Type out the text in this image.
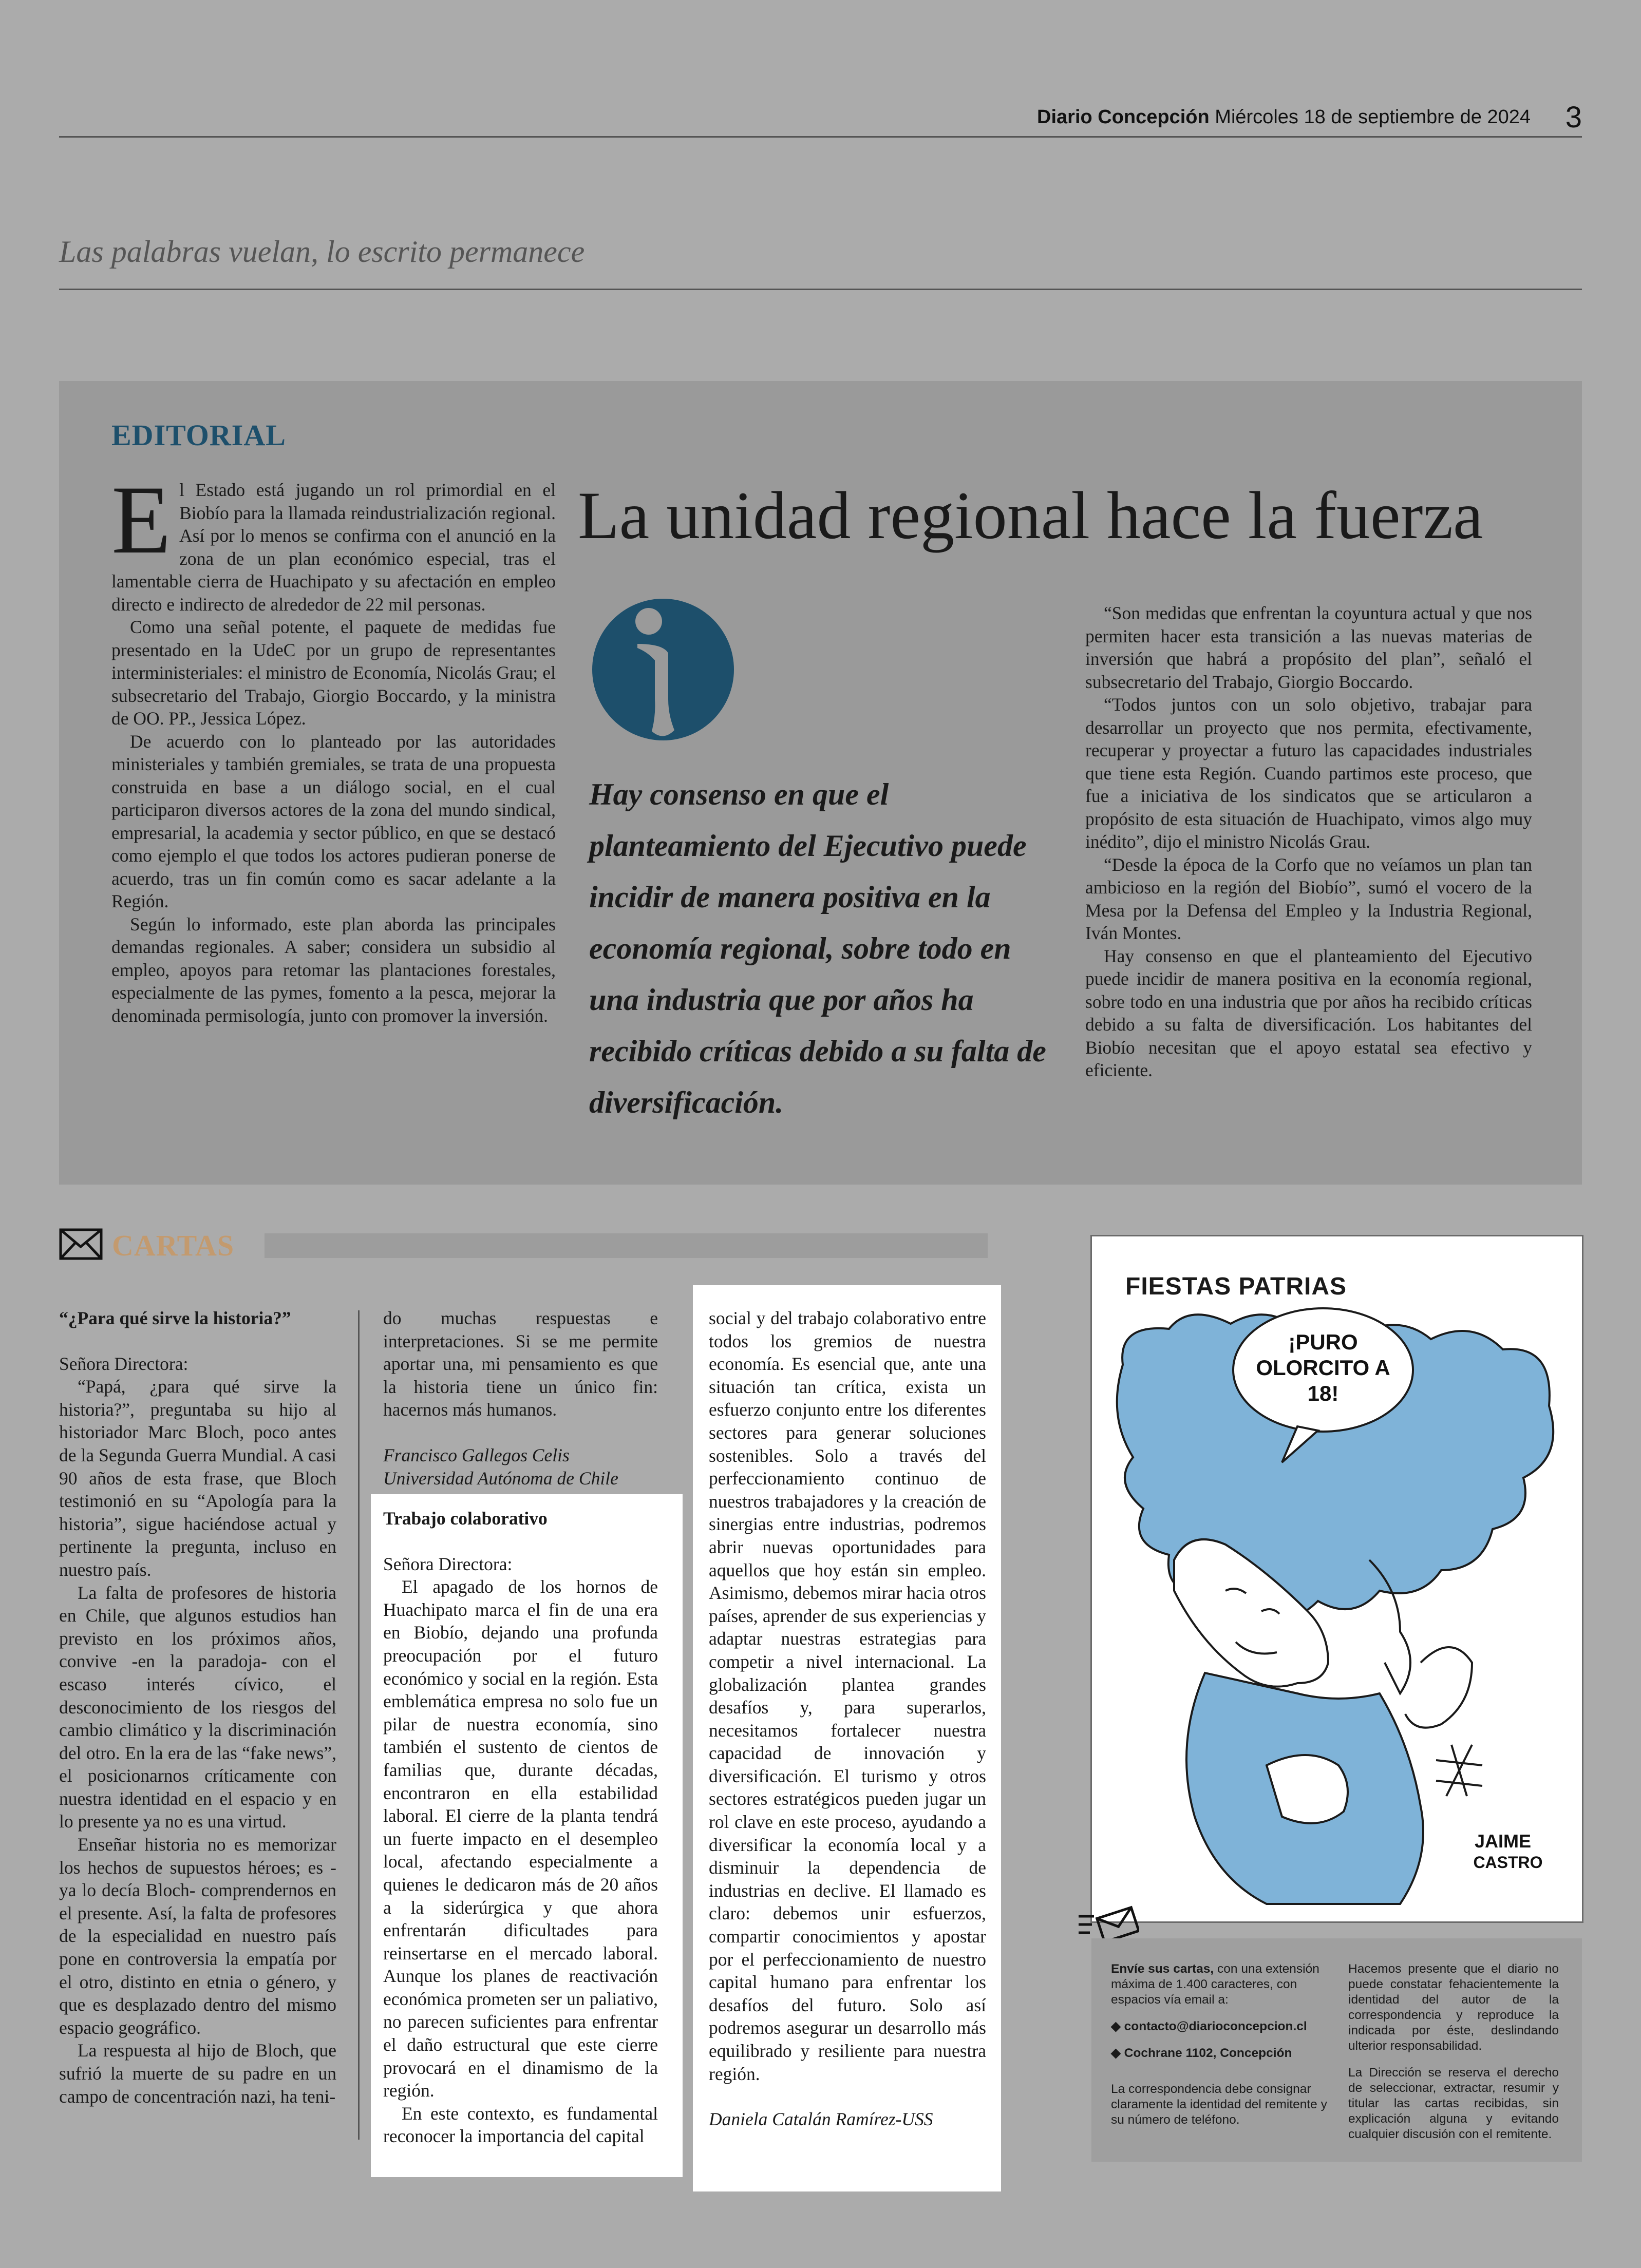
Diario Concepción Miércoles 18 de septiembre de 2024 3
Las palabras vuelan, lo escrito permanece
EDITORIAL

El Estado está jugando un rol primordial en el Biobío para la llamada reindustrialización regional. Así por lo menos se confirma con el anunció en la zona de un plan económico especial, tras el lamentable cierra de Huachipato y su afectación en empleo directo e indirecto de alrededor de 22 mil personas.

Como una señal potente, el paquete de medidas fue presentado en la UdeC por un grupo de representantes interministeriales: el ministro de Economía, Nicolás Grau; el subsecretario del Trabajo, Giorgio Boccardo, y la ministra de OO. PP., Jessica López.

De acuerdo con lo planteado por las autoridades ministeriales y también gremiales, se trata de una propuesta construida en base a un diálogo social, en el cual participaron diversos actores de la zona del mundo sindical, empresarial, la academia y sector público, en que se destacó como ejemplo el que todos los actores pudieran ponerse de acuerdo, tras un fin común como es sacar adelante a la Región.

Según lo informado, este plan aborda las principales demandas regionales. A saber; considera un subsidio al empleo, apoyos para retomar las plantaciones forestales, especialmente de las pymes, fomento a la pesca, mejorar la denominada permisología, junto con promover la inversión.

La unidad regional hace la fuerza
Hay consenso en que el planteamiento del Ejecutivo puede incidir de manera positiva en la economía regional, sobre todo en una industria que por años ha recibido críticas debido a su falta de diversificación.

“Son medidas que enfrentan la coyuntura actual y que nos permiten hacer esta transición a las nuevas materias de inversión que habrá a propósito del plan”, señaló el subsecretario del Trabajo, Giorgio Boccardo.

“Todos juntos con un solo objetivo, trabajar para desarrollar un proyecto que nos permita, efectivamente, recuperar y proyectar a futuro las capacidades industriales que tiene esta Región. Cuando partimos este proceso, que fue a iniciativa de los sindicatos que se articularon a propósito de esta situación de Huachipato, vimos algo muy inédito”, dijo el ministro Nicolás Grau.

“Desde la época de la Corfo que no veíamos un plan tan ambicioso en la región del Biobío”, sumó el vocero de la Mesa por la Defensa del Empleo y la Industria Regional, Iván Montes.

Hay consenso en que el planteamiento del Ejecutivo puede incidir de manera positiva en la economía regional, sobre todo en una industria que por años ha recibido críticas debido a su falta de diversificación. Los habitantes del Biobío necesitan que el apoyo estatal sea efectivo y eficiente.

CARTAS

“¿Para qué sirve la historia?”

Señora Directora:

“Papá, ¿para qué sirve la historia?”, preguntaba su hijo al historiador Marc Bloch, poco antes de la Segunda Guerra Mundial. A casi 90 años de esta frase, que Bloch testimonió en su “Apología para la historia”, sigue haciéndose actual y pertinente la pregunta, incluso en nuestro país.

La falta de profesores de historia en Chile, que algunos estudios han previsto en los próximos años, convive -en la paradoja- con el escaso interés cívico, el desconocimiento de los riesgos del cambio climático y la discriminación del otro. En la era de las “fake news”, el posicionarnos críticamente con nuestra identidad en el espacio y en lo presente ya no es una virtud.

Enseñar historia no es memorizar los hechos de supuestos héroes; es -ya lo decía Bloch- comprendernos en el presente. Así, la falta de profesores de la especialidad en nuestro país pone en controversia la empatía por el otro, distinto en etnia o género, y que es desplazado dentro del mismo espacio geográfico.

La respuesta al hijo de Bloch, que sufrió la muerte de su padre en un campo de concentración nazi, ha teni-

do muchas respuestas e interpretaciones. Si se me permite aportar una, mi pensamiento es que la historia tiene un único fin: hacernos más humanos.

Francisco Gallegos Celis

Universidad Autónoma de Chile

Trabajo colaborativo

Señora Directora:

El apagado de los hornos de Huachipato marca el fin de una era en Biobío, dejando una profunda preocupación por el futuro económico y social en la región. Esta emblemática empresa no solo fue un pilar de nuestra economía, sino también el sustento de cientos de familias que, durante décadas, encontraron en ella estabilidad laboral. El cierre de la planta tendrá un fuerte impacto en el desempleo local, afectando especialmente a quienes le dedicaron más de 20 años a la siderúrgica y que ahora enfrentarán dificultades para reinsertarse en el mercado laboral. Aunque los planes de reactivación económica prometen ser un paliativo, no parecen suficientes para enfrentar el daño estructural que este cierre provocará en el dinamismo de la región.

En este contexto, es fundamental reconocer la importancia del capital

social y del trabajo colaborativo entre todos los gremios de nuestra economía. Es esencial que, ante una situación tan crítica, exista un esfuerzo conjunto entre los diferentes sectores para generar soluciones sostenibles. Solo a través del perfeccionamiento continuo de nuestros trabajadores y la creación de sinergias entre industrias, podremos abrir nuevas oportunidades para aquellos que hoy están sin empleo. Asimismo, debemos mirar hacia otros países, aprender de sus experiencias y adaptar nuestras estrategias para competir a nivel internacional. La globalización plantea grandes desafíos y, para superarlos, necesitamos fortalecer nuestra capacidad de innovación y diversificación. El turismo y otros sectores estratégicos pueden jugar un rol clave en este proceso, ayudando a diversificar la economía local y a disminuir la dependencia de industrias en declive. El llamado es claro: debemos unir esfuerzos, compartir conocimientos y apostar por el perfeccionamiento de nuestro capital humano para enfrentar los desafíos del futuro. Solo así podremos asegurar un desarrollo más equilibrado y resiliente para nuestra región.

Daniela Catalán Ramírez-USS

FIESTAS PATRIAS
¡PURO
OLORCITO A
18!
JAIME
CASTRO

Envíe sus cartas, con una extensión máxima de 1.400 caracteres, con espacios vía email a:

◆ contacto@diarioconcepcion.cl

◆ Cochrane 1102, Concepción

La correspondencia debe consignar claramente la identidad del remitente y su número de teléfono.

Hacemos presente que el diario no puede constatar fehacientemente la identidad del autor de la correspondencia y reproduce la indicada por éste, deslindando ulterior responsabilidad.

La Dirección se reserva el derecho de seleccionar, extractar, resumir y titular las cartas recibidas, sin explicación alguna y evitando cualquier discusión con el remitente.
